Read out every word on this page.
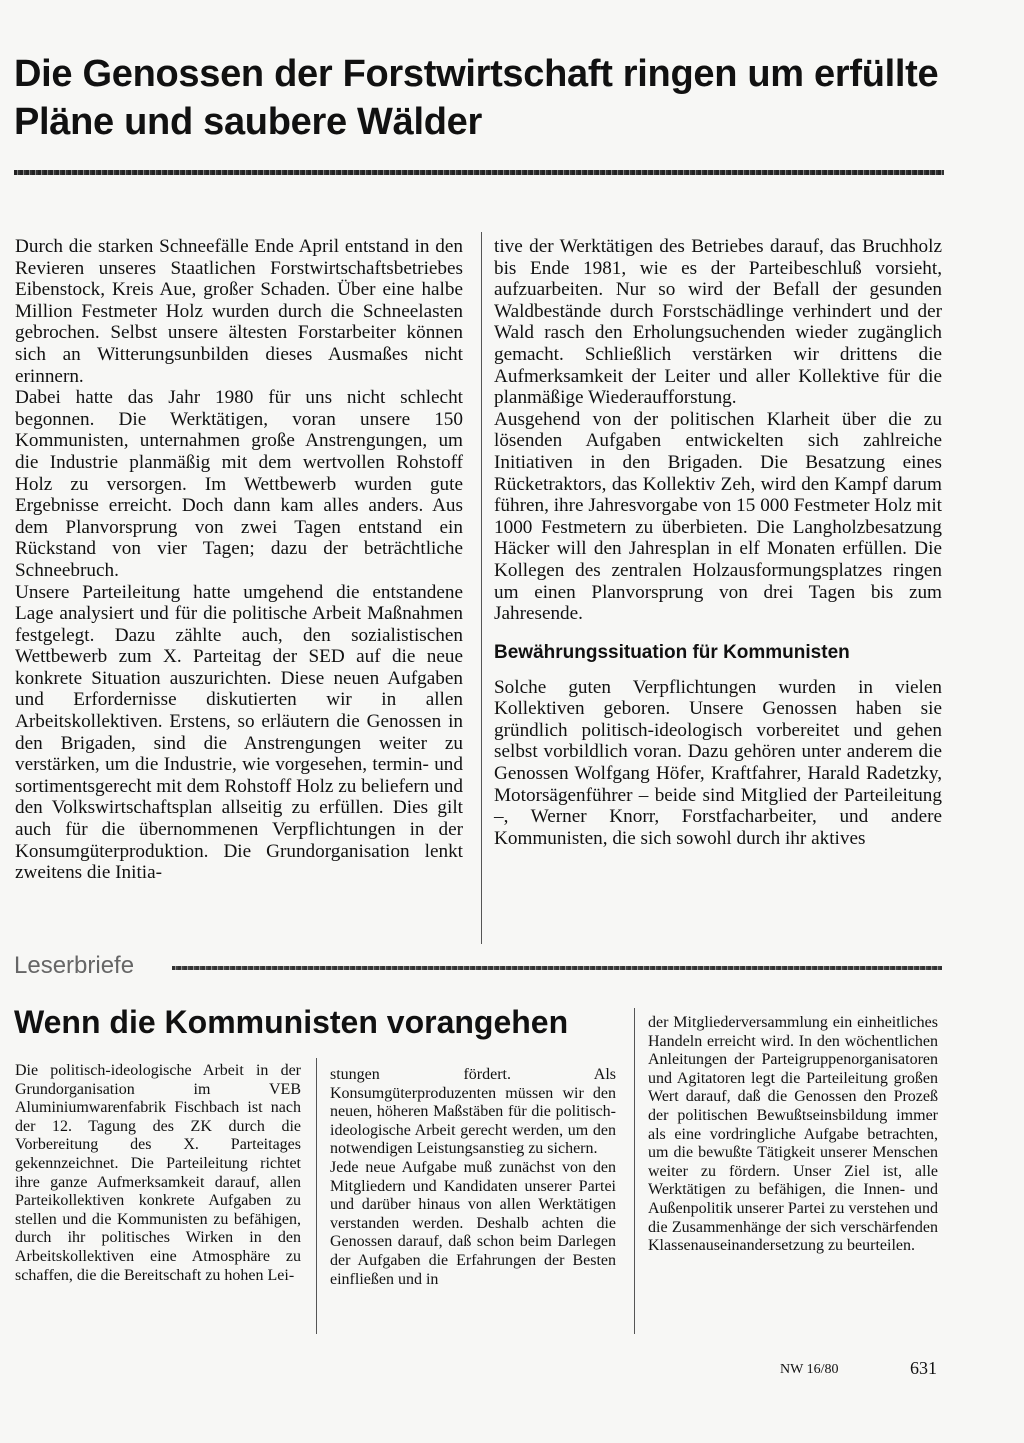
Die Genossen der Forstwirtschaft ringen um erfüllte Pläne und saubere Wälder

Durch die starken Schneefälle Ende April entstand in den Revieren unseres Staatlichen Forstwirtschaftsbetriebes Eibenstock, Kreis Aue, großer Schaden. Über eine halbe Million Festmeter Holz wurden durch die Schneelasten gebrochen. Selbst unsere ältesten Forstarbeiter können sich an Witterungsunbilden dieses Ausmaßes nicht erinnern.

Dabei hatte das Jahr 1980 für uns nicht schlecht begonnen. Die Werktätigen, voran unsere 150 Kommunisten, unternahmen große Anstrengungen, um die Industrie planmäßig mit dem wertvollen Rohstoff Holz zu versorgen. Im Wettbewerb wurden gute Ergebnisse erreicht. Doch dann kam alles anders. Aus dem Planvorsprung von zwei Tagen entstand ein Rückstand von vier Tagen; dazu der beträchtliche Schneebruch.

Unsere Parteileitung hatte umgehend die entstandene Lage analysiert und für die politische Arbeit Maßnahmen festgelegt. Dazu zählte auch, den sozialistischen Wettbewerb zum X. Parteitag der SED auf die neue konkrete Situation auszurichten. Diese neuen Aufgaben und Erfordernisse diskutierten wir in allen Arbeitskollektiven. Erstens, so erläutern die Genossen in den Brigaden, sind die Anstrengungen weiter zu verstärken, um die Industrie, wie vorgesehen, termin- und sortimentsgerecht mit dem Rohstoff Holz zu beliefern und den Volkswirtschaftsplan allseitig zu erfüllen. Dies gilt auch für die übernommenen Verpflichtungen in der Konsumgüterproduktion. Die Grundorganisation lenkt zweitens die Initia-

tive der Werktätigen des Betriebes darauf, das Bruchholz bis Ende 1981, wie es der Parteibeschluß vorsieht, aufzuarbeiten. Nur so wird der Befall der gesunden Waldbestände durch Forstschädlinge verhindert und der Wald rasch den Erholungsuchenden wieder zugänglich gemacht. Schließlich verstärken wir drittens die Aufmerksamkeit der Leiter und aller Kollektive für die planmäßige Wiederaufforstung.

Ausgehend von der politischen Klarheit über die zu lösenden Aufgaben entwickelten sich zahlreiche Initiativen in den Brigaden. Die Besatzung eines Rücketraktors, das Kollektiv Zeh, wird den Kampf darum führen, ihre Jahresvorgabe von 15 000 Festmeter Holz mit 1000 Festmetern zu überbieten. Die Langholzbesatzung Häcker will den Jahresplan in elf Monaten erfüllen. Die Kollegen des zentralen Holzausformungsplatzes ringen um einen Planvorsprung von drei Tagen bis zum Jahresende.

Bewährungssituation für Kommunisten

Solche guten Verpflichtungen wurden in vielen Kollektiven geboren. Unsere Genossen haben sie gründlich politisch-ideologisch vorbereitet und gehen selbst vorbildlich voran. Dazu gehören unter anderem die Genossen Wolfgang Höfer, Kraftfahrer, Harald Radetzky, Motorsägenführer – beide sind Mitglied der Parteileitung –, Werner Knorr, Forstfacharbeiter, und andere Kommunisten, die sich sowohl durch ihr aktives

Leserbriefe
Wenn die Kommunisten vorangehen

Die politisch-ideologische Arbeit in der Grundorganisation im VEB Aluminiumwarenfabrik Fischbach ist nach der 12. Tagung des ZK durch die Vorbereitung des X. Parteitages gekennzeichnet. Die Parteileitung richtet ihre ganze Aufmerksamkeit darauf, allen Parteikollektiven konkrete Aufgaben zu stellen und die Kommunisten zu befähigen, durch ihr politisches Wirken in den Arbeitskollektiven eine Atmosphäre zu schaffen, die die Bereitschaft zu hohen Lei-

stungen fördert. Als Konsumgüterproduzenten müssen wir den neuen, höheren Maßstäben für die politisch-ideologische Arbeit gerecht werden, um den notwendigen Leistungsanstieg zu sichern.

Jede neue Aufgabe muß zunächst von den Mitgliedern und Kandidaten unserer Partei und darüber hinaus von allen Werktätigen verstanden werden. Deshalb achten die Genossen darauf, daß schon beim Darlegen der Aufgaben die Erfahrungen der Besten einfließen und in

der Mitgliederversammlung ein einheitliches Handeln erreicht wird. In den wöchentlichen Anleitungen der Parteigruppenorganisatoren und Agitatoren legt die Parteileitung großen Wert darauf, daß die Genossen den Prozeß der politischen Bewußtseinsbildung immer als eine vordringliche Aufgabe betrachten, um die bewußte Tätigkeit unserer Menschen weiter zu fördern. Unser Ziel ist, alle Werktätigen zu befähigen, die Innen- und Außenpolitik unserer Partei zu verstehen und die Zusammenhänge der sich verschärfenden Klassenauseinandersetzung zu beurteilen.

NW 16/80	631
